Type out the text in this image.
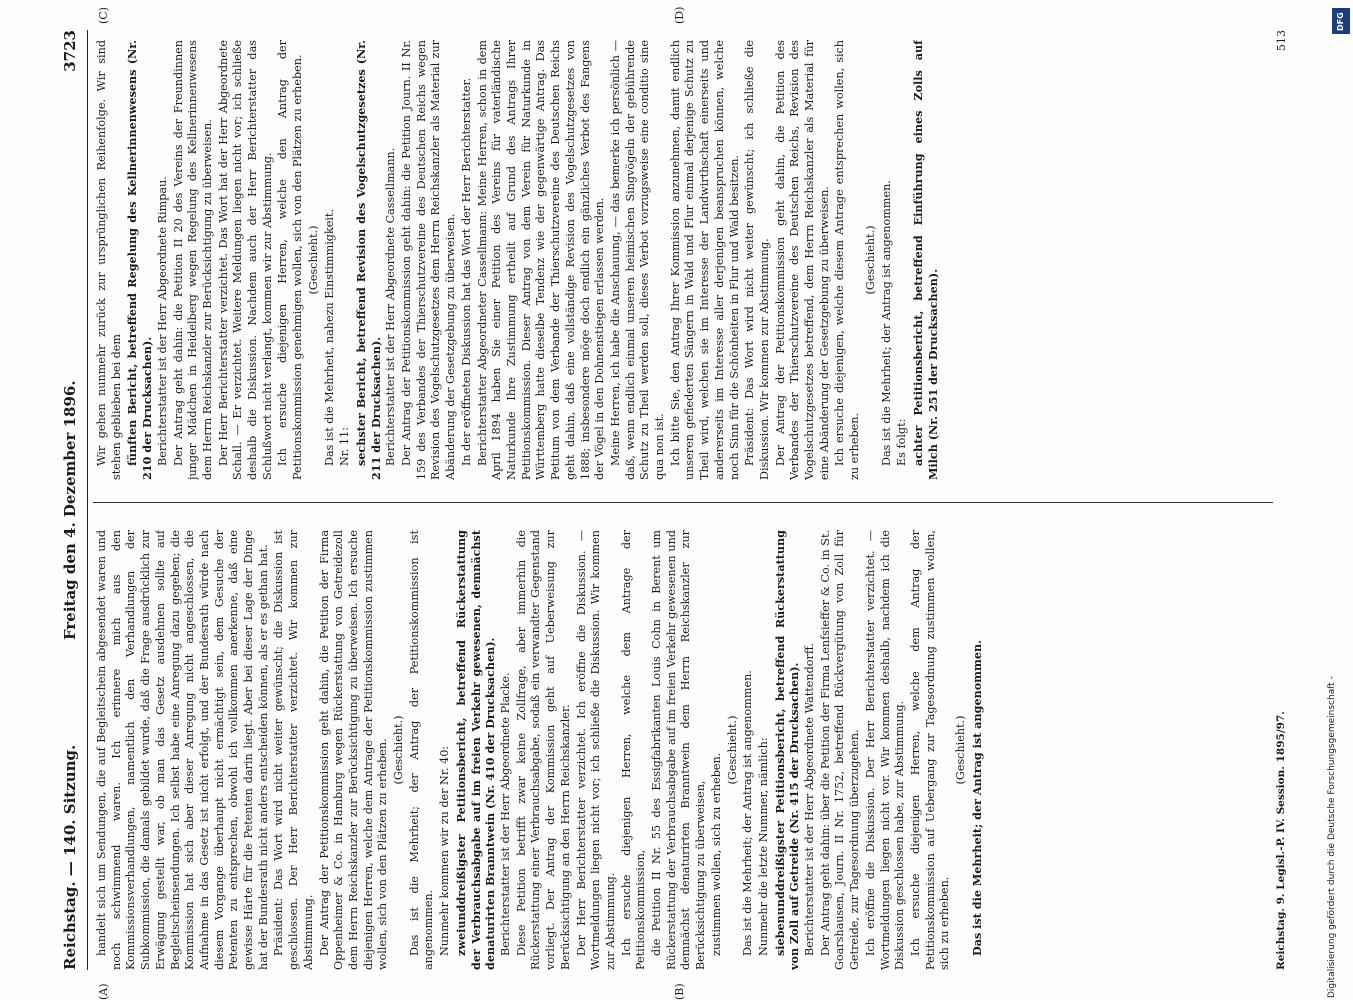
Reichstag. — 140. Sitzung.
Freitag den 4. Dezember 1896.
3723

handelt sich um Sendungen, die auf Begleitschein abgesendet waren und noch schwimmend waren. Ich erinnere mich aus den Kommissionsverhandlungen, namentlich den Verhandlungen der Subkommission, die damals gebildet wurde, daß die Frage ausdrücklich zur Erwägung gestellt war, ob man das Gesetz ausdehnen sollte auf Begleitscheinsendungen. Ich selbst habe eine Anregung dazu gegeben; die Kommission hat sich aber dieser Anregung nicht angeschlossen, die Aufnahme in das Gesetz ist nicht erfolgt, und der Bundesrath würde nach diesem Vorgange überhaupt nicht ermächtigt sein, dem Gesuche der Petenten zu entsprechen, obwohl ich vollkommen anerkenne, daß eine gewisse Härte für die Petenten darin liegt. Aber bei dieser Lage der Dinge hat der Bundesrath nicht anders entscheiden können, als er es gethan hat. Präsident: Das Wort wird nicht weiter gewünscht; die Diskussion ist geschlossen. Der Herr Berichterstatter verzichtet. Wir kommen zur Abstimmung. Der Antrag der Petitionskommission geht dahin, die Petition der Firma Oppenheimer & Co. in Hamburg wegen Rückerstattung von Getreidezoll dem Herrn Reichskanzler zur Berücksichtigung zu überweisen. Ich ersuche diejenigen Herren, welche dem Antrage der Petitionskommission zustimmen wollen, sich von den Plätzen zu erheben. (Geschieht.) Das ist die Mehrheit; der Antrag der Petitionskommission ist angenommen. Nunmehr kommen wir zu der Nr. 40: zweiunddreißigster Petitionsbericht, betreffend Rückerstattung der Verbrauchsabgabe auf im freien Verkehr gewesenen, demnächst denaturirten Branntwein (Nr. 410 der Drucksachen). Berichterstatter ist der Herr Abgeordnete Placke. Diese Petition betrifft zwar keine Zollfrage, aber immerhin die Rückerstattung einer Verbrauchsabgabe, sodaß ein verwandter Gegenstand vorliegt. Der Antrag der Kommission geht auf Ueberweisung zur Berücksichtigung an den Herrn Reichskanzler. Der Herr Berichterstatter verzichtet. Ich eröffne die Diskussion. — Wortmeldungen liegen nicht vor; ich schließe die Diskussion. Wir kommen zur Abstimmung. Ich ersuche diejenigen Herren, welche dem Antrage der Petitionskommission, die Petition II Nr. 55 des Essigfabrikanten Louis Cohn in Berent um Rückerstattung der Verbrauchsabgabe auf im freien Verkehr gewesenen und demnächst denaturirten Branntwein dem Herrn Reichskanzler zur Berücksichtigung zu überweisen, zustimmen wollen, sich zu erheben.

(Geschieht.) Das ist die Mehrheit; der Antrag ist angenommen. Nunmehr die letzte Nummer, nämlich: siebenunddreißigster Petitionsbericht, betreffend Rückerstattung von Zoll auf Getreide (Nr. 415 der Drucksachen). Berichterstatter ist der Herr Abgeordnete Wattendorff. Der Antrag geht dahin: über die Petition der Firma Lenfsieffer & Co. in St. Goarshausen, Journ. II Nr. 1752, betreffend Rückvergütung von Zoll für Getreide, zur Tagesordnung überzugehen. Ich eröffne die Diskussion. Der Herr Berichterstatter verzichtet. — Wortmeldungen liegen nicht vor. Wir kommen deshalb, nachdem ich die Diskussion geschlossen habe, zur Abstimmung. Ich ersuche diejenigen Herren, welche dem Antrag der Petitionskommission auf Uebergang zur Tagesordnung zustimmen wollen, sich zu erheben.

(Geschieht.) Das ist die Mehrheit; der Antrag ist angenommen.

Wir gehen nunmehr zurück zur ursprünglichen Reihenfolge. Wir sind stehen geblieben bei dem fünften Bericht, betreffend Regelung des Kellnerinnenwesens (Nr. 210 der Drucksachen). Berichterstatter ist der Herr Abgeordnete Rimpau. Der Antrag geht dahin: die Petition II 20 des Vereins der Freundinnen junger Mädchen in Heidelberg wegen Regelung des Kellnerinnenwesens dem Herrn Reichskanzler zur Berücksichtigung zu überweisen. Der Herr Berichterstatter verzichtet. Das Wort hat der Herr Abgeordnete Schall. — Er verzichtet. Weitere Meldungen liegen nicht vor; ich schließe deshalb die Diskussion. Nachdem auch der Herr Berichterstatter das Schlußwort nicht verlangt, kommen wir zur Abstimmung. Ich ersuche diejenigen Herren, welche den Antrag der Petitionskommission genehmigen wollen, sich von den Plätzen zu erheben. (Geschieht.) Das ist die Mehrheit, nahezu Einstimmigkeit. Nr. 11: sechster Bericht, betreffend Revision des Vogelschutzgesetzes (Nr. 211 der Drucksachen). Berichterstatter ist der Herr Abgeordnete Cassellmann. Der Antrag der Petitionskommission geht dahin: die Petition Journ. II Nr. 159 des Verbandes der Thierschutzvereine des Deutschen Reichs wegen Revision des Vogelschutzgesetzes dem Herrn Reichskanzler als Material zur Abänderung der Gesetzgebung zu überweisen. In der eröffneten Diskussion hat das Wort der Herr Berichterstatter. Berichterstatter Abgeordneter Cassellmann: Meine Herren, schon in dem April 1894 haben Sie einer Petition des Vereins für vaterländische Naturkunde Ihre Zustimmung ertheilt auf Grund des Antrags Ihrer Petitionskommission. Dieser Antrag von dem Verein für Naturkunde in Württemberg hatte dieselbe Tendenz wie der gegenwärtige Antrag. Das Petitum von dem Verbande der Thierschutzvereine des Deutschen Reichs geht dahin, daß eine vollständige Revision des Vogelschutzgesetzes von 1888; insbesondere möge doch endlich ein gänzliches Verbot des Fangens der Vögel in den Dohnenstiegen erlassen werden. Meine Herren, ich habe die Anschauung, — das bemerke ich persönlich — daß, wenn endlich einmal unseren heimischen Singvögeln der gebührende Schutz zu Theil werden soll, dieses Verbot vorzugsweise eine conditio sine qua non ist. Ich bitte Sie, den Antrag Ihrer Kommission anzunehmen, damit endlich unseren gefiederten Sängern in Wald und Flur einmal derjenige Schutz zu Theil wird, welchen sie im Interesse der Landwirthschaft einerseits und andererseits im Interesse aller derjenigen beanspruchen können, welche noch Sinn für die Schönheiten in Flur und Wald besitzen. Präsident: Das Wort wird nicht weiter gewünscht; ich schließe die Diskussion. Wir kommen zur Abstimmung. Der Antrag der Petitionskommission geht dahin, die Petition des Verbandes der Thierschutzvereine des Deutschen Reichs, Revision des Vogelschutzgesetzes betreffend, dem Herrn Reichskanzler als Material für eine Abänderung der Gesetzgebung zu überweisen. Ich ersuche diejenigen, welche diesem Antrage entsprechen wollen, sich zu erheben.

(Geschieht.) Das ist die Mehrheit; der Antrag ist angenommen. Es folgt: achter Petitionsbericht, betreffend Einführung eines Zolls auf Milch (Nr. 251 der Drucksachen).

(A)	(B)
(C)	(D)
Reichstag. 9. Legisl.-P. IV. Session. 1895/97.
513
Digitalisierung gefördert durch die Deutsche Forschungsgemeinschaft -
DFG
